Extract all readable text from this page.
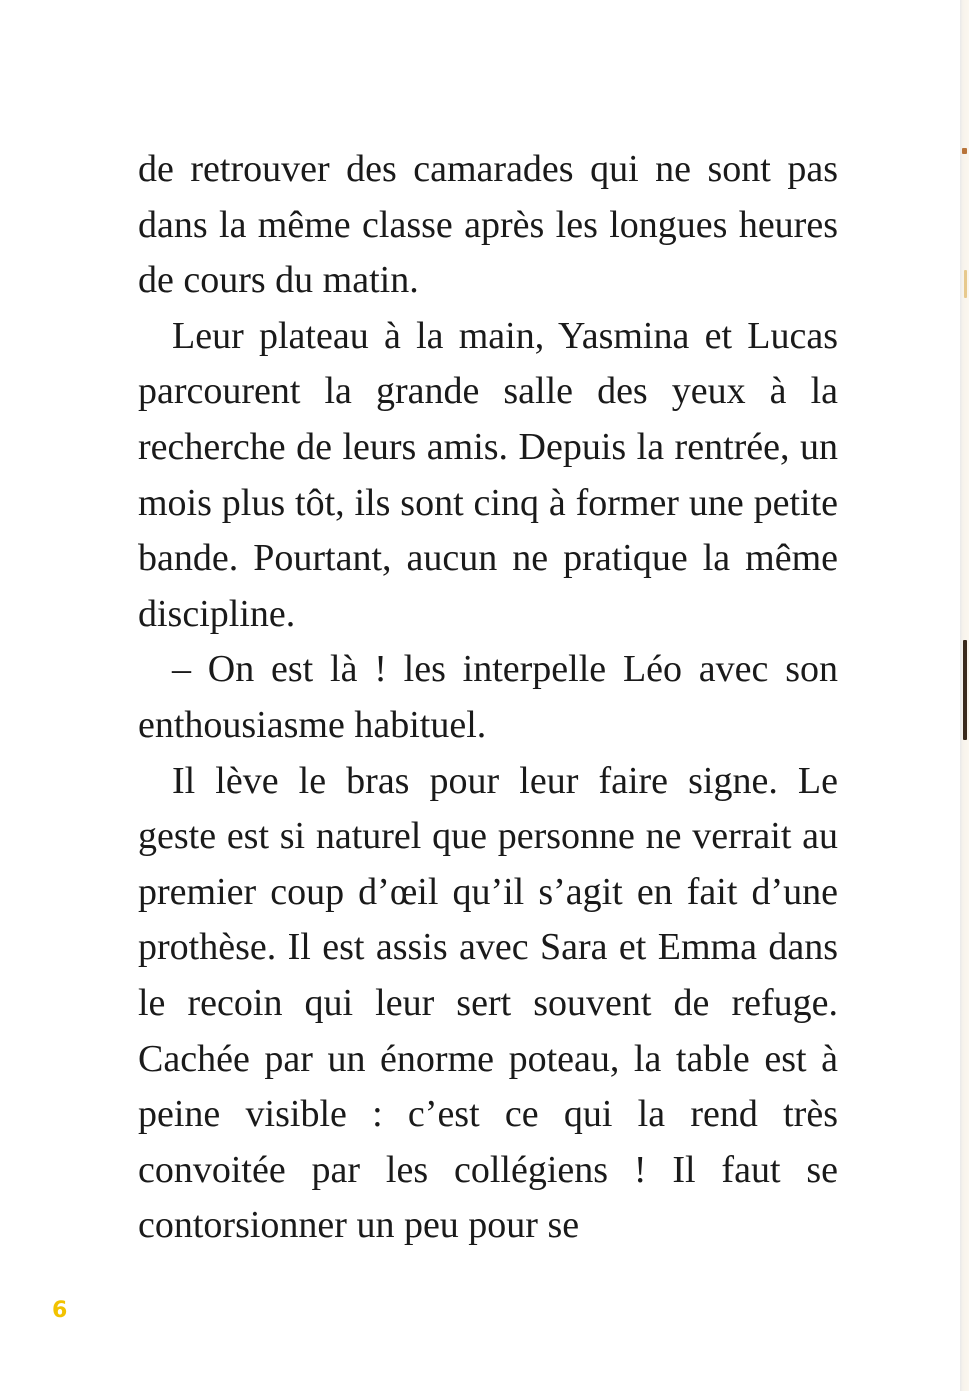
de retrouver des camarades qui ne sont pas dans la même classe après les longues heures de cours du matin.

Leur plateau à la main, Yasmina et Lucas parcourent la grande salle des yeux à la recherche de leurs amis. Depuis la rentrée, un mois plus tôt, ils sont cinq à former une petite bande. Pourtant, aucun ne pratique la même discipline.

– On est là ! les interpelle Léo avec son enthousiasme habituel.

Il lève le bras pour leur faire signe. Le geste est si naturel que personne ne verrait au premier coup d’œil qu’il s’agit en fait d’une prothèse. Il est assis avec Sara et Emma dans le recoin qui leur sert souvent de refuge. Cachée par un énorme poteau, la table est à peine visible : c’est ce qui la rend très convoitée par les collégiens ! Il faut se contorsionner un peu pour se

6
